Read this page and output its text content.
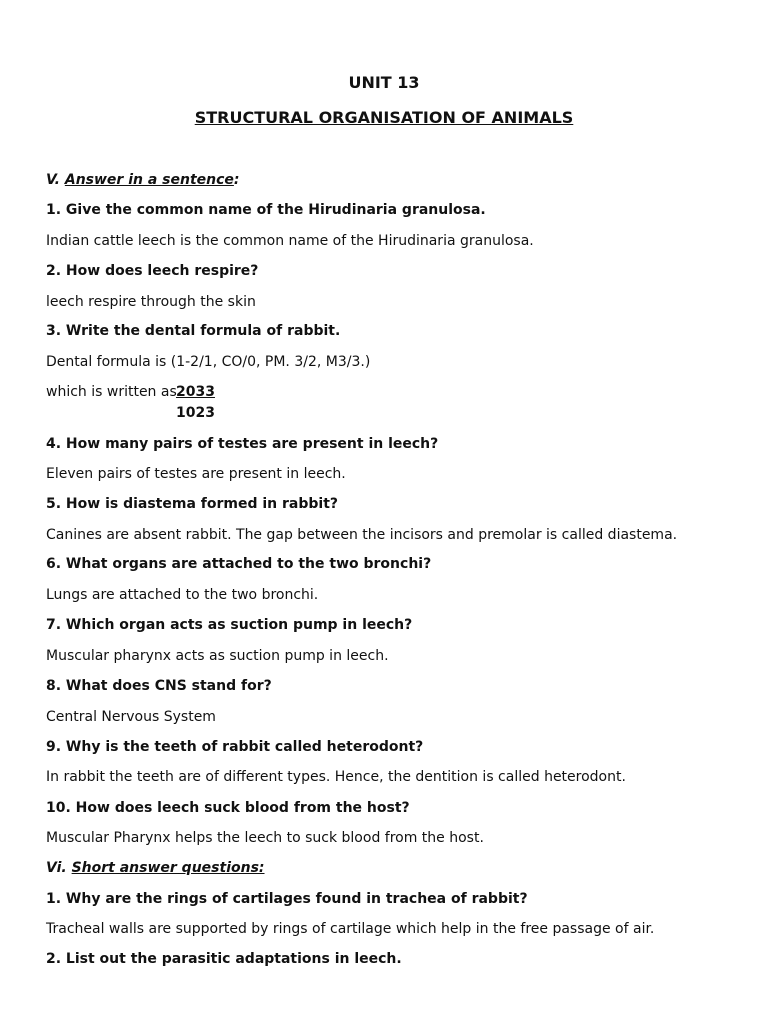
UNIT 13
STRUCTURAL ORGANISATION OF ANIMALS
V. Answer in a sentence:
1. Give the common name of the Hirudinaria granulosa.
Indian cattle leech is the common name of the Hirudinaria granulosa.
2. How does leech respire?
leech respire through the skin
3. Write the dental formula of rabbit.
Dental formula is (1-2/1, CO/0, PM. 3/2, M3/3.)
which is written as 2033
1023
4. How many pairs of testes are present in leech?
Eleven pairs of testes are present in leech.
5. How is diastema formed in rabbit?
Canines are absent rabbit. The gap between the incisors and premolar is called diastema.
6. What organs are attached to the two bronchi?
Lungs are attached to the two bronchi.
7. Which organ acts as suction pump in leech?
Muscular pharynx acts as suction pump in leech.
8. What does CNS stand for?
Central Nervous System
9. Why is the teeth of rabbit called heterodont?
In rabbit the teeth are of different types. Hence, the dentition is called heterodont.
10. How does leech suck blood from the host?
Muscular Pharynx helps the leech to suck blood from the host.
Vi. Short answer questions:
1. Why are the rings of cartilages found in trachea of rabbit?
Tracheal walls are supported by rings of cartilage which help in the free passage of air.
2. List out the parasitic adaptations in leech.
